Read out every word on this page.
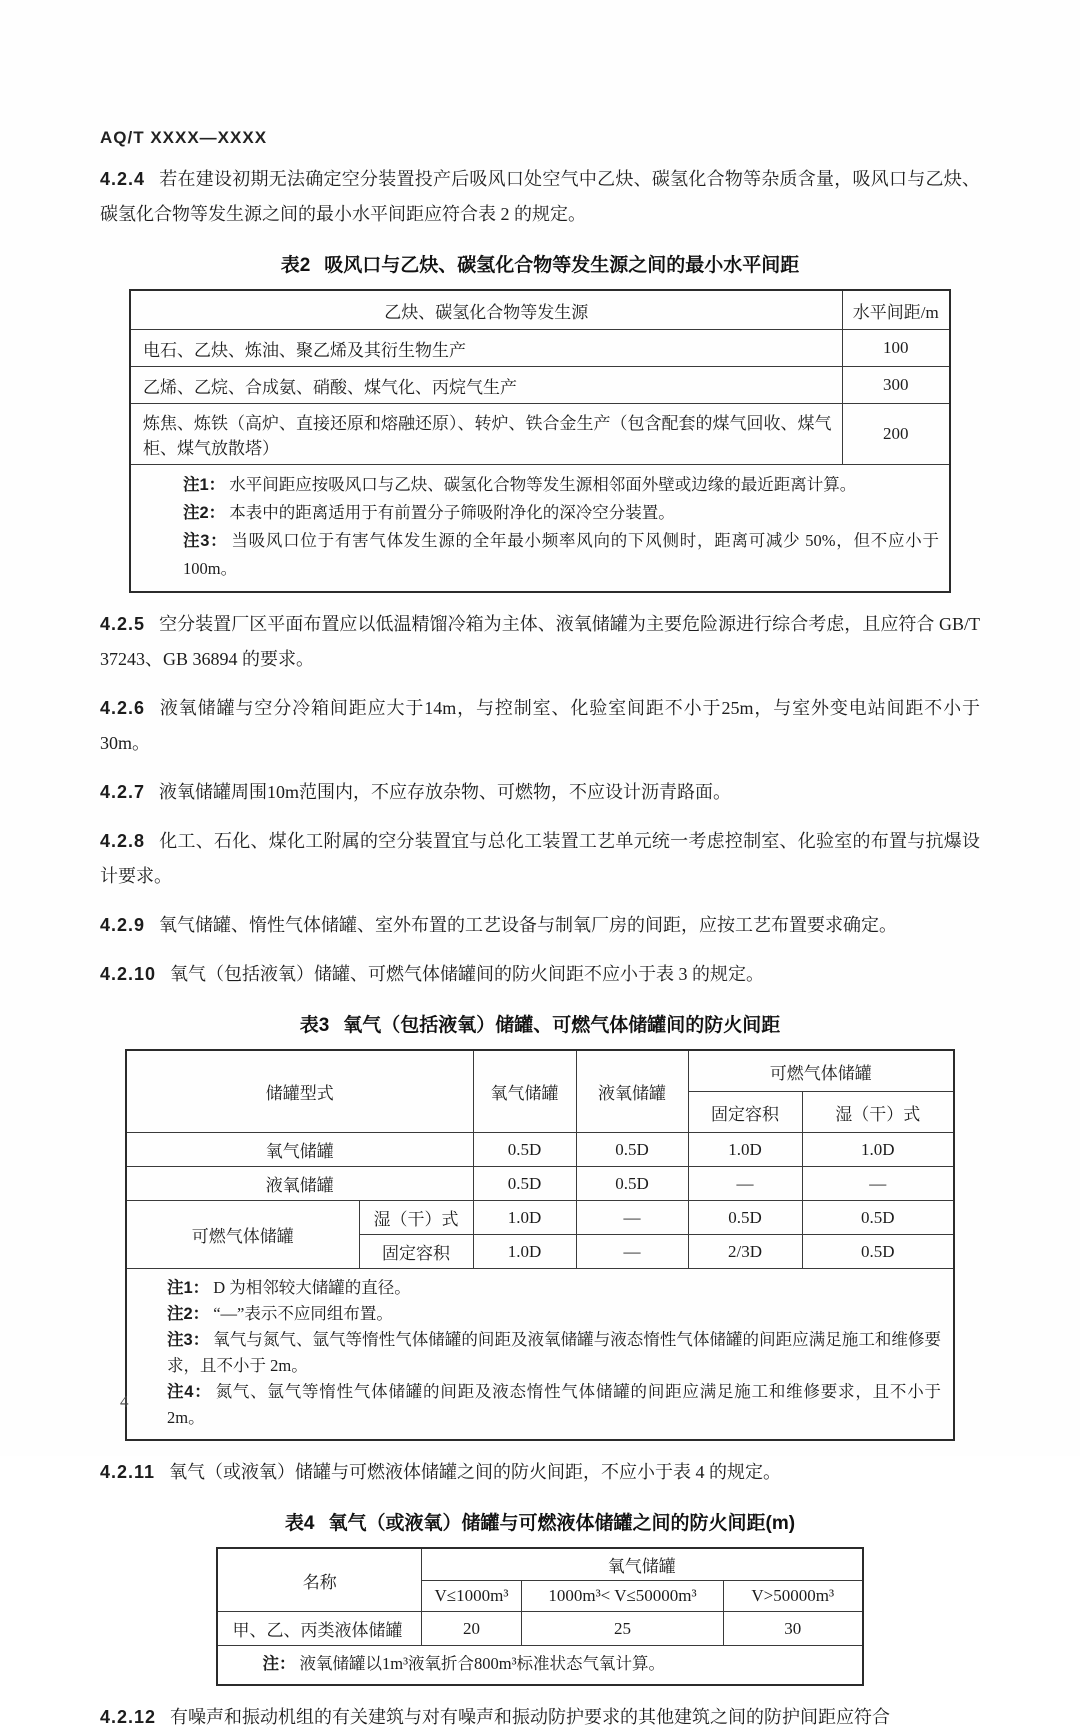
AQ/T XXXX—XXXX

4.2.4 若在建设初期无法确定空分装置投产后吸风口处空气中乙炔、碳氢化合物等杂质含量，吸风口与乙炔、碳氢化合物等发生源之间的最小水平间距应符合表 2 的规定。

表2 吸风口与乙炔、碳氢化合物等发生源之间的最小水平间距
乙炔、碳氢化合物等发生源	水平间距/m
电石、乙炔、炼油、聚乙烯及其衍生物生产	100
乙烯、乙烷、合成氨、硝酸、煤气化、丙烷气生产	300
炼焦、炼铁（高炉、直接还原和熔融还原）、转炉、铁合金生产（包含配套的煤气回收、煤气柜、煤气放散塔）	200

注1： 水平间距应按吸风口与乙炔、碳氢化合物等发生源相邻面外壁或边缘的最近距离计算。
注2： 本表中的距离适用于有前置分子筛吸附净化的深冷空分装置。
注3： 当吸风口位于有害气体发生源的全年最小频率风向的下风侧时，距离可减少 50%，但不应小于 100m。	

4.2.5 空分装置厂区平面布置应以低温精馏冷箱为主体、液氧储罐为主要危险源进行综合考虑，且应符合 GB/T 37243、GB 36894 的要求。

4.2.6 液氧储罐与空分冷箱间距应大于14m，与控制室、化验室间距不小于25m，与室外变电站间距不小于30m。

4.2.7 液氧储罐周围10m范围内，不应存放杂物、可燃物，不应设计沥青路面。

4.2.8 化工、石化、煤化工附属的空分装置宜与总化工装置工艺单元统一考虑控制室、化验室的布置与抗爆设计要求。

4.2.9 氧气储罐、惰性气体储罐、室外布置的工艺设备与制氧厂房的间距，应按工艺布置要求确定。

4.2.10 氧气（包括液氧）储罐、可燃气体储罐间的防火间距不应小于表 3 的规定。

表3 氧气（包括液氧）储罐、可燃气体储罐间的防火间距
储罐型式		氧气储罐	液氧储罐	可燃气体储罐	
				固定容积	湿（干）式
氧气储罐		0.5D	0.5D	1.0D	1.0D
液氧储罐		0.5D	0.5D	—	—
可燃气体储罐	湿（干）式	1.0D	—	0.5D	0.5D
	固定容积	1.0D	—	2/3D	0.5D

注1： D 为相邻较大储罐的直径。
注2： “—”表示不应同组布置。
注3： 氧气与氮气、氩气等惰性气体储罐的间距及液氧储罐与液态惰性气体储罐的间距应满足施工和维修要求，且不小于 2m。
注4： 氮气、氩气等惰性气体储罐的间距及液态惰性气体储罐的间距应满足施工和维修要求，且不小于 2m。					

4.2.11 氧气（或液氧）储罐与可燃液体储罐之间的防火间距，不应小于表 4 的规定。

表4 氧气（或液氧）储罐与可燃液体储罐之间的防火间距(m)
名称	氧气储罐		
	V≤1000m³	1000m³< V≤50000m³	V>50000m³
甲、乙、丙类液体储罐	20	25	30

注： 液氧储罐以1m³液氧折合800m³标准状态气氧计算。			

4.2.12 有噪声和振动机组的有关建筑与对有噪声和振动防护要求的其他建筑之间的防护间距应符合

4
